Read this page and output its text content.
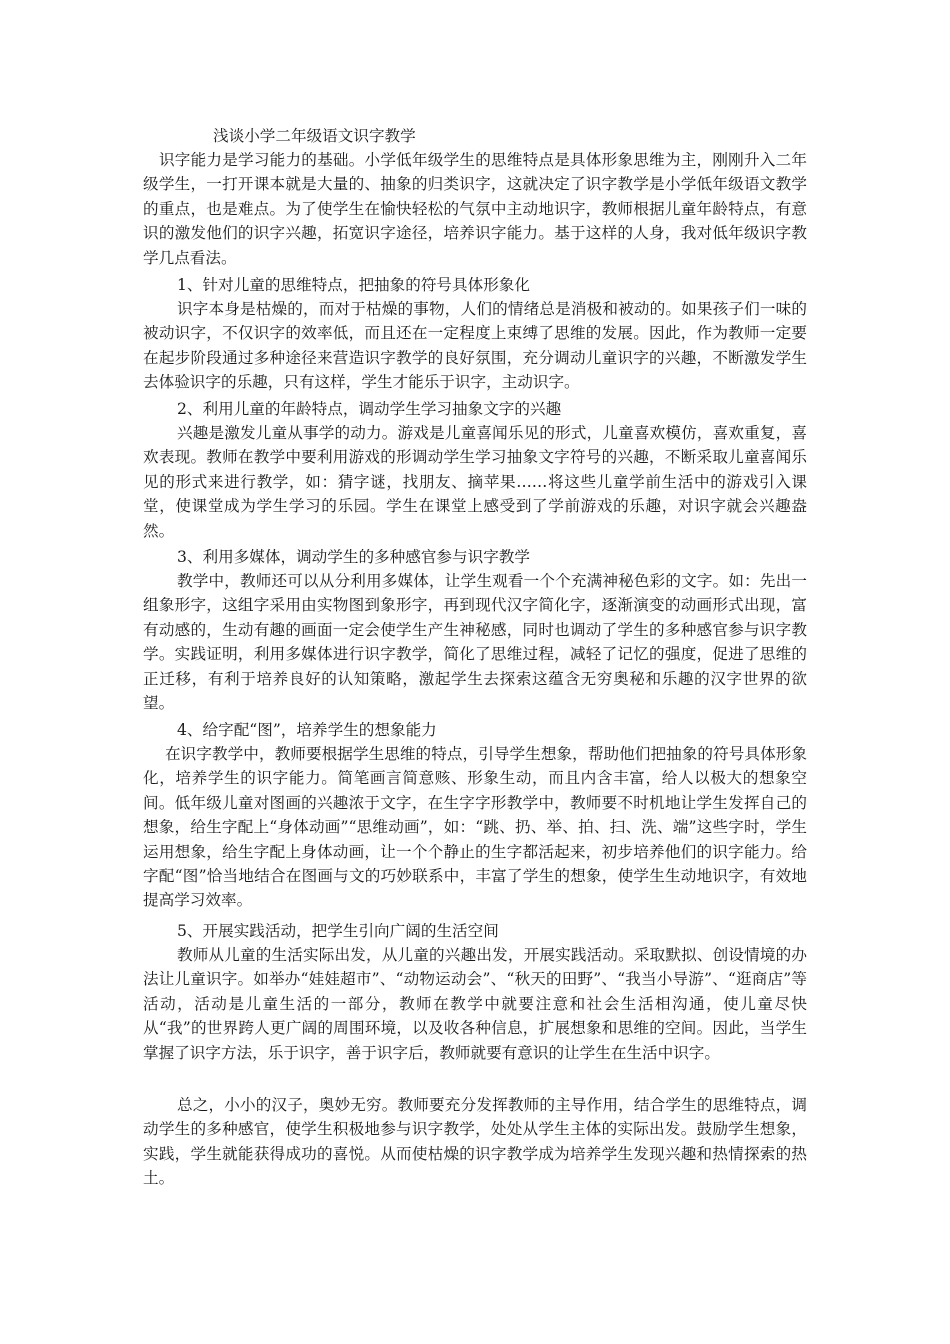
浅谈小学二年级语文识字教学

识字能力是学习能力的基础。小学低年级学生的思维特点是具体形象思维为主，刚刚升入二年级学生，一打开课本就是大量的、抽象的归类识字，这就决定了识字教学是小学低年级语文教学的重点，也是难点。为了使学生在愉快轻松的气氛中主动地识字，教师根据儿童年龄特点，有意识的激发他们的识字兴趣，拓宽识字途径，培养识字能力。基于这样的人身，我对低年级识字教学几点看法。

1、针对儿童的思维特点，把抽象的符号具体形象化

识字本身是枯燥的，而对于枯燥的事物，人们的情绪总是消极和被动的。如果孩子们一味的被动识字，不仅识字的效率低，而且还在一定程度上束缚了思维的发展。因此，作为教师一定要在起步阶段通过多种途径来营造识字教学的良好氛围，充分调动儿童识字的兴趣，不断激发学生去体验识字的乐趣，只有这样，学生才能乐于识字，主动识字。

2、利用儿童的年龄特点，调动学生学习抽象文字的兴趣

兴趣是激发儿童从事学的动力。游戏是儿童喜闻乐见的形式，儿童喜欢模仿，喜欢重复，喜欢表现。教师在教学中要利用游戏的形调动学生学习抽象文字符号的兴趣，不断采取儿童喜闻乐见的形式来进行教学，如：猜字谜，找朋友、摘苹果……将这些儿童学前生活中的游戏引入课堂，使课堂成为学生学习的乐园。学生在课堂上感受到了学前游戏的乐趣，对识字就会兴趣盎然。

3、利用多媒体，调动学生的多种感官参与识字教学

教学中，教师还可以从分利用多媒体，让学生观看一个个充满神秘色彩的文字。如：先出一组象形字，这组字采用由实物图到象形字，再到现代汉字简化字，逐渐演变的动画形式出现，富有动感的，生动有趣的画面一定会使学生产生神秘感，同时也调动了学生的多种感官参与识字教学。实践证明，利用多媒体进行识字教学，简化了思维过程，减轻了记忆的强度，促进了思维的正迁移，有利于培养良好的认知策略，激起学生去探索这蕴含无穷奥秘和乐趣的汉字世界的欲望。

4、给字配“图”，培养学生的想象能力

在识字教学中，教师要根据学生思维的特点，引导学生想象，帮助他们把抽象的符号具体形象化，培养学生的识字能力。简笔画言简意赅、形象生动，而且内含丰富，给人以极大的想象空间。低年级儿童对图画的兴趣浓于文字，在生字字形教学中，教师要不时机地让学生发挥自己的想象，给生字配上“身体动画”“思维动画”，如：“跳、扔、举、拍、扫、洗、端”这些字时，学生运用想象，给生字配上身体动画，让一个个静止的生字都活起来，初步培养他们的识字能力。给字配“图”恰当地结合在图画与文的巧妙联系中，丰富了学生的想象，使学生生动地识字，有效地提高学习效率。

5、开展实践活动，把学生引向广阔的生活空间

教师从儿童的生活实际出发，从儿童的兴趣出发，开展实践活动。采取默拟、创设情境的办法让儿童识字。如举办“娃娃超市”、“动物运动会”、“秋天的田野”、“我当小导游”、“逛商店”等活动，活动是儿童生活的一部分，教师在教学中就要注意和社会生活相沟通，使儿童尽快从“我”的世界跨人更广阔的周围环境，以及收各种信息，扩展想象和思维的空间。因此，当学生掌握了识字方法，乐于识字，善于识字后，教师就要有意识的让学生在生活中识字。

总之，小小的汉子，奥妙无穷。教师要充分发挥教师的主导作用，结合学生的思维特点，调动学生的多种感官，使学生积极地参与识字教学，处处从学生主体的实际出发。鼓励学生想象，实践，学生就能获得成功的喜悦。从而使枯燥的识字教学成为培养学生发现兴趣和热情探索的热土。
